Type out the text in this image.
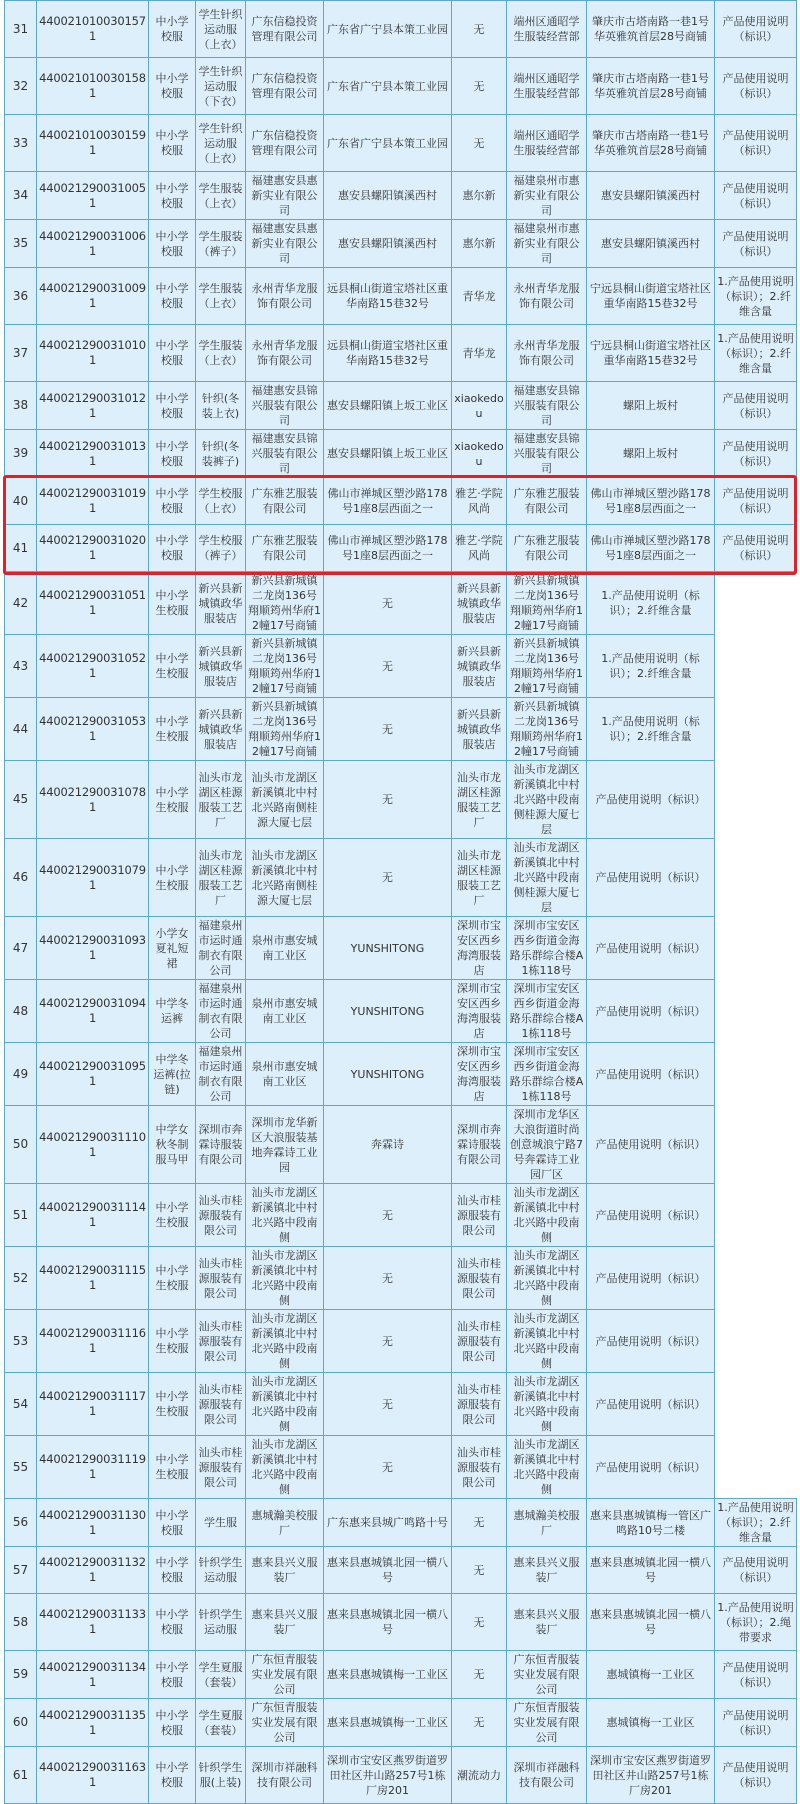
31	4400210100301571	中小学校服	学生针织运动服（上衣）	广东信稳投资管理有限公司	广东省广宁县本策工业园	无	端州区通昭学生服装经营部	肇庆市古塔南路一巷1号华英雅筑首层28号商铺	产品使用说明（标识）
32	4400210100301581	中小学校服	学生针织运动服（下衣）	广东信稳投资管理有限公司	广东省广宁县本策工业园	无	端州区通昭学生服装经营部	肇庆市古塔南路一巷1号华英雅筑首层28号商铺	产品使用说明（标识）
33	4400210100301591	中小学校服	学生针织运动服（上衣）	广东信稳投资管理有限公司	广东省广宁县本策工业园	无	端州区通昭学生服装经营部	肇庆市古塔南路一巷1号华英雅筑首层28号商铺	产品使用说明（标识）
34	4400212900310051	中小学校服	学生服装（上衣）	福建惠安县惠新实业有限公司	惠安县螺阳镇溪西村	惠尔新	福建泉州市惠新实业有限公司	惠安县螺阳镇溪西村	产品使用说明（标识）
35	4400212900310061	中小学校服	学生服装（裤子）	福建惠安县惠新实业有限公司	惠安县螺阳镇溪西村	惠尔新	福建泉州市惠新实业有限公司	惠安县螺阳镇溪西村	产品使用说明（标识）
36	4400212900310091	中小学校服	学生服装（上衣）	永州青华龙服饰有限公司	远县桐山街道宝塔社区重华南路15巷32号	青华龙	永州青华龙服饰有限公司	宁远县桐山街道宝塔社区重华南路15巷32号	1.产品使用说明（标识）；2.纤维含量
37	4400212900310101	中小学校服	学生服装（上衣）	永州青华龙服饰有限公司	远县桐山街道宝塔社区重华南路15巷32号	青华龙	永州青华龙服饰有限公司	宁远县桐山街道宝塔社区重华南路15巷32号	1.产品使用说明（标识）；2.纤维含量
38	4400212900310121	中小学校服	针织(冬装上衣)	福建惠安县锦兴服装有限公司	惠安县螺阳镇上坂工业区	xiaokedou	福建惠安县锦兴服装有限公司	螺阳上坂村	产品使用说明（标识）
39	4400212900310131	中小学校服	针织(冬装裤子)	福建惠安县锦兴服装有限公司	惠安县螺阳镇上坂工业区	xiaokedou	福建惠安县锦兴服装有限公司	螺阳上坂村	产品使用说明（标识）
40	4400212900310191	中小学校服	学生校服（上衣）	广东雅艺服装有限公司	佛山市禅城区塑沙路178号1座8层西面之一	雅艺·学院风尚	广东雅艺服装有限公司	佛山市禅城区塑沙路178号1座8层西面之一	产品使用说明（标识）
41	4400212900310201	中小学校服	学生校服（裤子）	广东雅艺服装有限公司	佛山市禅城区塑沙路178号1座8层西面之一	雅艺·学院风尚	广东雅艺服装有限公司	佛山市禅城区塑沙路178号1座8层西面之一	产品使用说明（标识）
42	4400212900310511	中小学生校服	新兴县新城镇政华服装店	新兴县新城镇二龙岗136号翔顺筠州华府12幢17号商铺	无	新兴县新城镇政华服装店	新兴县新城镇二龙岗136号翔顺筠州华府12幢17号商铺	1.产品使用说明（标识）；2.纤维含量	
43	4400212900310521	中小学生校服	新兴县新城镇政华服装店	新兴县新城镇二龙岗136号翔顺筠州华府12幢17号商铺	无	新兴县新城镇政华服装店	新兴县新城镇二龙岗136号翔顺筠州华府12幢17号商铺	1.产品使用说明（标识）；2.纤维含量	
44	4400212900310531	中小学生校服	新兴县新城镇政华服装店	新兴县新城镇二龙岗136号翔顺筠州华府12幢17号商铺	无	新兴县新城镇政华服装店	新兴县新城镇二龙岗136号翔顺筠州华府12幢17号商铺	1.产品使用说明（标识）；2.纤维含量	
45	4400212900310781	中小学生校服	汕头市龙湖区桂源服装工艺厂	汕头市龙湖区新溪镇北中村北兴路南侧桂源大厦七层	无	汕头市龙湖区桂源服装工艺厂	汕头市龙湖区新溪镇北中村北兴路中段南侧桂源大厦七层	产品使用说明（标识）	
46	4400212900310791	中小学生校服	汕头市龙湖区桂源服装工艺厂	汕头市龙湖区新溪镇北中村北兴路南侧桂源大厦七层	无	汕头市龙湖区桂源服装工艺厂	汕头市龙湖区新溪镇北中村北兴路中段南侧桂源大厦七层	产品使用说明（标识）	
47	4400212900310931	小学女夏礼短裙	福建泉州市运时通制衣有限公司	泉州市惠安城南工业区	YUNSHITONG	深圳市宝安区西乡海湾服装店	深圳市宝安区西乡街道金海路乐群综合楼A1栋118号	产品使用说明（标识）	
48	4400212900310941	中学冬运裤	福建泉州市运时通制衣有限公司	泉州市惠安城南工业区	YUNSHITONG	深圳市宝安区西乡海湾服装店	深圳市宝安区西乡街道金海路乐群综合楼A1栋118号	产品使用说明（标识）	
49	4400212900310951	中学冬运裤(拉链)	福建泉州市运时通制衣有限公司	泉州市惠安城南工业区	YUNSHITONG	深圳市宝安区西乡海湾服装店	深圳市宝安区西乡街道金海路乐群综合楼A1栋118号	产品使用说明（标识）	
50	4400212900311101	中学女秋冬制服马甲	深圳市奔霖诗服装有限公司	深圳市龙华新区大浪服装基地奔霖诗工业园	奔霖诗	深圳市奔霖诗服装有限公司	深圳市龙华区大浪街道时尚创意城浪宁路7号奔霖诗工业园厂区	产品使用说明（标识）	
51	4400212900311141	中小学生校服	汕头市桂源服装有限公司	汕头市龙湖区新溪镇北中村北兴路中段南侧	无	汕头市桂源服装有限公司	汕头市龙湖区新溪镇北中村北兴路中段南侧	产品使用说明（标识）	
52	4400212900311151	中小学生校服	汕头市桂源服装有限公司	汕头市龙湖区新溪镇北中村北兴路中段南侧	无	汕头市桂源服装有限公司	汕头市龙湖区新溪镇北中村北兴路中段南侧	产品使用说明（标识）	
53	4400212900311161	中小学生校服	汕头市桂源服装有限公司	汕头市龙湖区新溪镇北中村北兴路中段南侧	无	汕头市桂源服装有限公司	汕头市龙湖区新溪镇北中村北兴路中段南侧	产品使用说明（标识）	
54	4400212900311171	中小学生校服	汕头市桂源服装有限公司	汕头市龙湖区新溪镇北中村北兴路中段南侧	无	汕头市桂源服装有限公司	汕头市龙湖区新溪镇北中村北兴路中段南侧	产品使用说明（标识）	
55	4400212900311191	中小学生校服	汕头市桂源服装有限公司	汕头市龙湖区新溪镇北中村北兴路中段南侧	无	汕头市桂源服装有限公司	汕头市龙湖区新溪镇北中村北兴路中段南侧	产品使用说明（标识）	
56	4400212900311301	中小学校服	学生服	惠城瀚美校服厂	广东惠来县城广鸣路十号	无	惠城瀚美校服厂	惠来县惠城镇梅一管区广鸣路10号二楼	1.产品使用说明（标识）；2.纤维含量
57	4400212900311321	中小学校服	针织学生运动服	惠来县兴义服装厂	惠来县惠城镇北园一横八号	无	惠来县兴义服装厂	惠来县惠城镇北园一横八号	产品使用说明（标识）
58	4400212900311331	中小学校服	针织学生运动服	惠来县兴义服装厂	惠来县惠城镇北园一横八号	无	惠来县兴义服装厂	惠来县惠城镇北园一横八号	1.产品使用说明（标识）；2.绳带要求
59	4400212900311341	中小学校服	学生夏服（套装）	广东恒青服装实业发展有限公司	惠来县惠城镇梅一工业区	无	广东恒青服装实业发展有限公司	惠城镇梅一工业区	产品使用说明（标识）
60	4400212900311351	中小学校服	学生夏服（套装）	广东恒青服装实业发展有限公司	惠来县惠城镇梅一工业区	无	广东恒青服装实业发展有限公司	惠城镇梅一工业区	产品使用说明（标识）
61	4400212900311631	中小学校服	针织学生服(上装)	深圳市祥融科技有限公司	深圳市宝安区燕罗街道罗田社区井山路257号1栋厂房201	潮流动力	深圳市祥融科技有限公司	深圳市宝安区燕罗街道罗田社区井山路257号1栋厂房201	产品使用说明（标识）
